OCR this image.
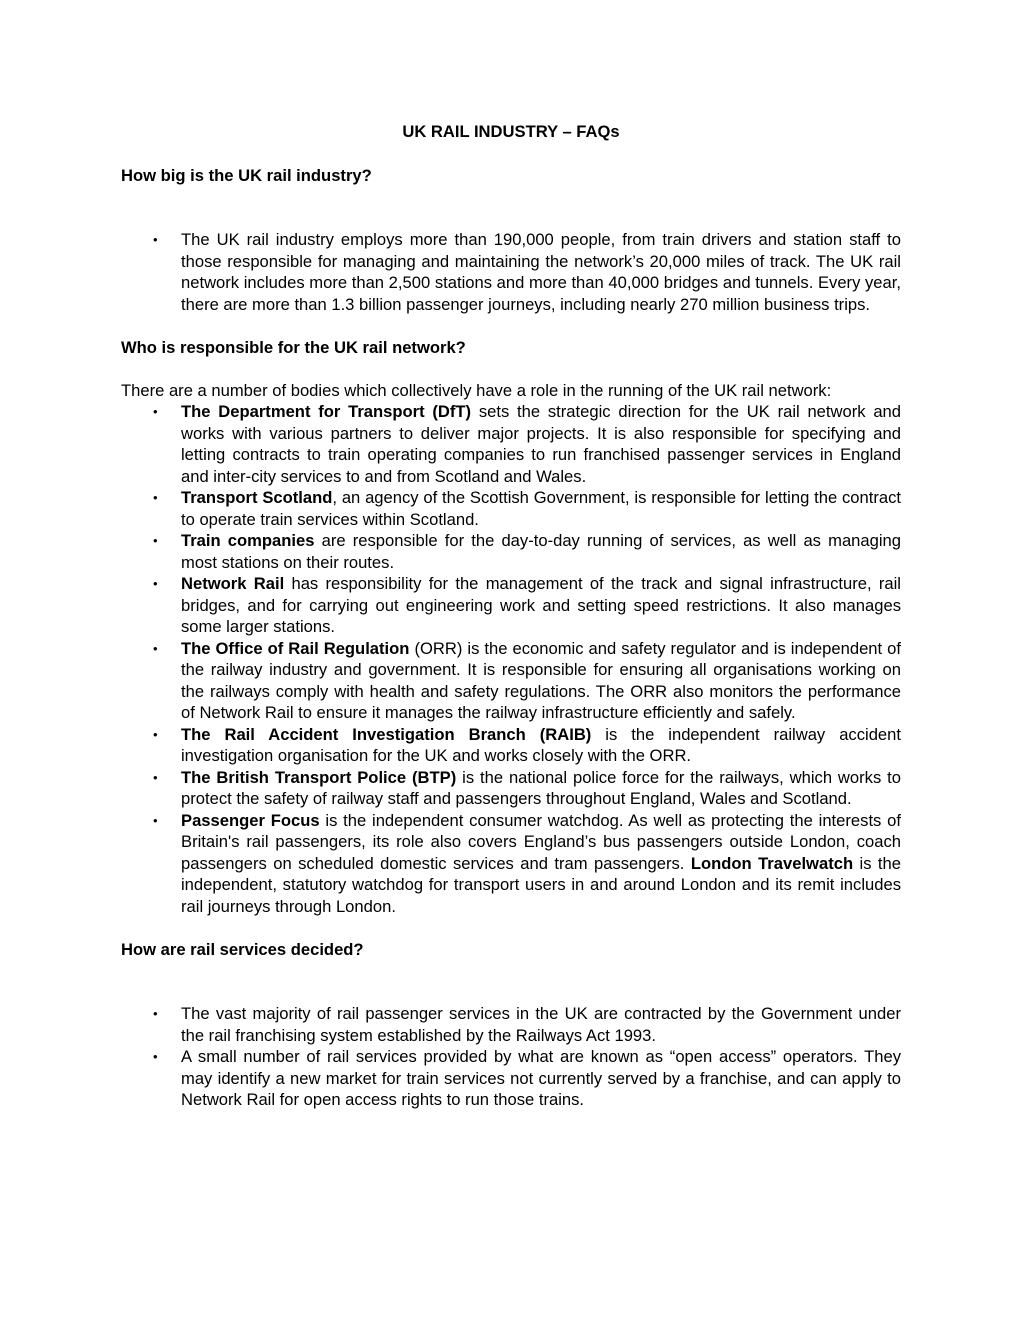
UK RAIL INDUSTRY – FAQs
How big is the UK rail industry?
•	The UK rail industry employs more than 190,000 people, from train drivers and station staff to those responsible for managing and maintaining the network’s 20,000 miles of track. The UK rail network includes more than 2,500 stations and more than 40,000 bridges and tunnels. Every year, there are more than 1.3 billion passenger journeys, including nearly 270 million business trips.
Who is responsible for the UK rail network?

There are a number of bodies which collectively have a role in the running of the UK rail network:

•	The Department for Transport (DfT) sets the strategic direction for the UK rail network and works with various partners to deliver major projects. It is also responsible for specifying and letting contracts to train operating companies to run franchised passenger services in England and inter-city services to and from Scotland and Wales.
•	Transport Scotland, an agency of the Scottish Government, is responsible for letting the contract to operate train services within Scotland.
•	Train companies are responsible for the day-to-day running of services, as well as managing most stations on their routes.
•	Network Rail has responsibility for the management of the track and signal infrastructure, rail bridges, and for carrying out engineering work and setting speed restrictions. It also manages some larger stations.
•	The Office of Rail Regulation (ORR) is the economic and safety regulator and is independent of the railway industry and government. It is responsible for ensuring all organisations working on the railways comply with health and safety regulations. The ORR also monitors the performance of Network Rail to ensure it manages the railway infrastructure efficiently and safely.
•	The Rail Accident Investigation Branch (RAIB) is the independent railway accident investigation organisation for the UK and works closely with the ORR.
•	The British Transport Police (BTP) is the national police force for the railways, which works to protect the safety of railway staff and passengers throughout England, Wales and Scotland.
•	Passenger Focus is the independent consumer watchdog. As well as protecting the interests of Britain's rail passengers, its role also covers England’s bus passengers outside London, coach passengers on scheduled domestic services and tram passengers. London Travelwatch is the independent, statutory watchdog for transport users in and around London and its remit includes rail journeys through London.
How are rail services decided?
•	The vast majority of rail passenger services in the UK are contracted by the Government under the rail franchising system established by the Railways Act 1993.
•	A small number of rail services provided by what are known as “open access” operators. They may identify a new market for train services not currently served by a franchise, and can apply to Network Rail for open access rights to run those trains.
